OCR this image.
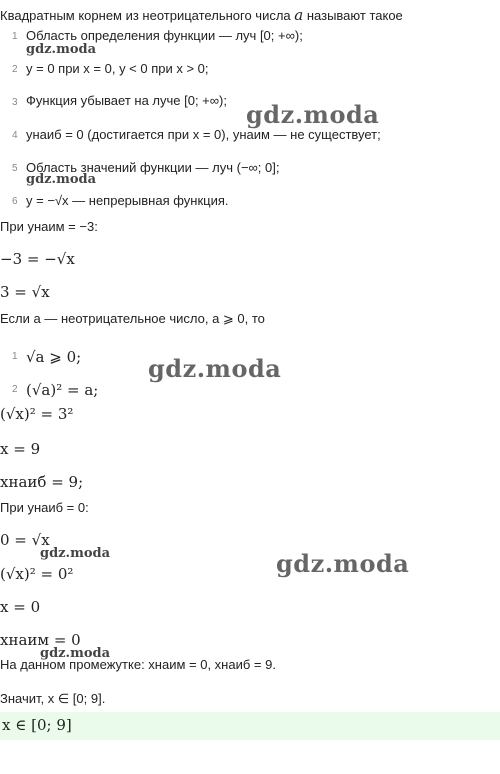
Квадратным корнем из неотрицательного числа a называют такое
1 Область определения функции — луч [0; +∞);
2 y = 0 при x = 0, y < 0 при x > 0;
3 Функция убывает на луче [0; +∞);
4 yнаиб = 0 (достигается при x = 0), yнаим — не существует;
5 Область значений функции — луч (−∞; 0];
6 y = −√x — непрерывная функция.
При yнаим = −3:
−3 = −√x
3 = √x
Если a — неотрицательное число, a ⩾ 0, то
1 √a ⩾ 0;
2 (√a)² = a;
(√x)² = 3²
x = 9
xнаиб = 9;
При yнаиб = 0:
0 = √x
(√x)² = 0²
x = 0
xнаим = 0
На данном промежутке: xнаим = 0, xнаиб = 9.
Значит, x ∈ [0; 9].
x ∈ [0; 9]
gdz.moda
gdz.moda
gdz.moda
gdz.moda
gdz.moda	gdz.moda
gdz.moda
